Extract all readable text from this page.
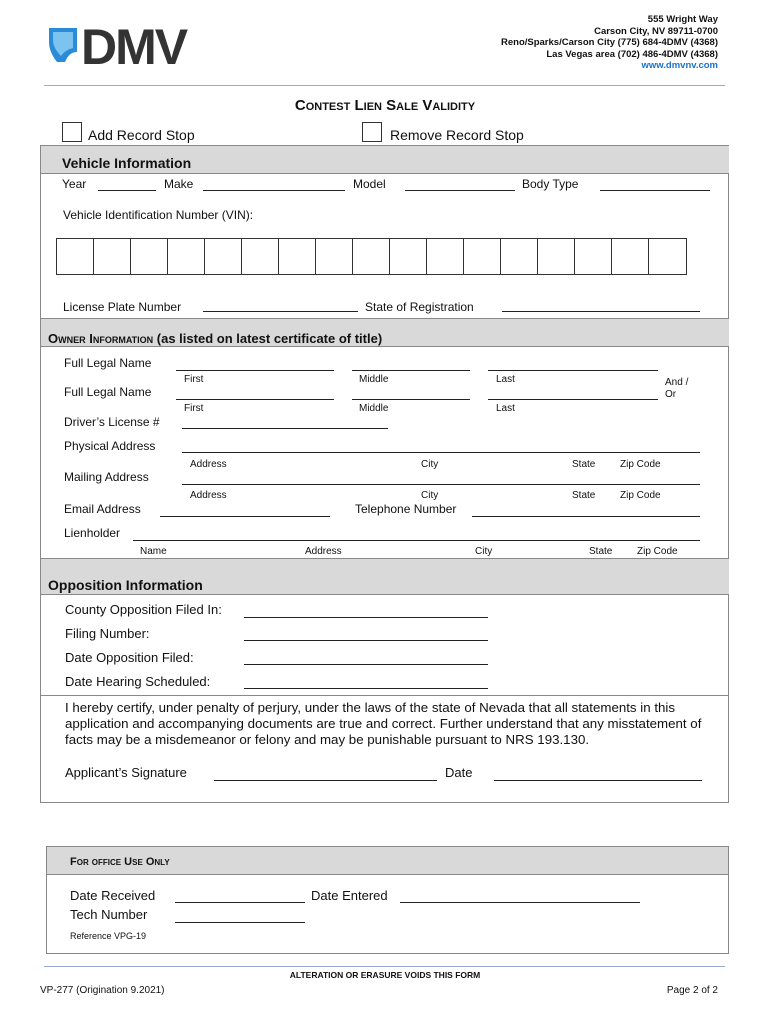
DMV	555 Wright Way
Carson City, NV 89711-0700
Reno/Sparks/Carson City (775) 684-4DMV (4368)
Las Vegas area (702) 486-4DMV (4368)
www.dmvnv.com
Contest Lien Sale Validity
Add Record Stop	Remove Record Stop
Vehicle Information
Year	Make	Model	Body Type
Vehicle Identification Number (VIN):
License Plate Number	State of Registration
Owner Information (as listed on latest certificate of title)
Full Legal Name
First	Middle	Last	And /
Or
Full Legal Name
First	Middle	Last
Driver’s License #
Physical Address
Address	City	State Zip Code
Mailing Address
Address	City	State Zip Code
Email Address	Telephone Number
Lienholder
Name	Address	City	State Zip Code
Opposition Information
County Opposition Filed In:
Filing Number:
Date Opposition Filed:
Date Hearing Scheduled:
I hereby certify, under penalty of perjury, under the laws of the state of Nevada that all statements in this application and accompanying documents are true and correct. Further understand that any misstatement of facts may be a misdemeanor or felony and may be punishable pursuant to NRS 193.130.
Applicant’s Signature	Date
For office Use Only
Date Received	Date Entered
Tech Number
Reference VPG-19
ALTERATION OR ERASURE VOIDS THIS FORM
VP-277 (Origination 9.2021)	Page 2 of 2
